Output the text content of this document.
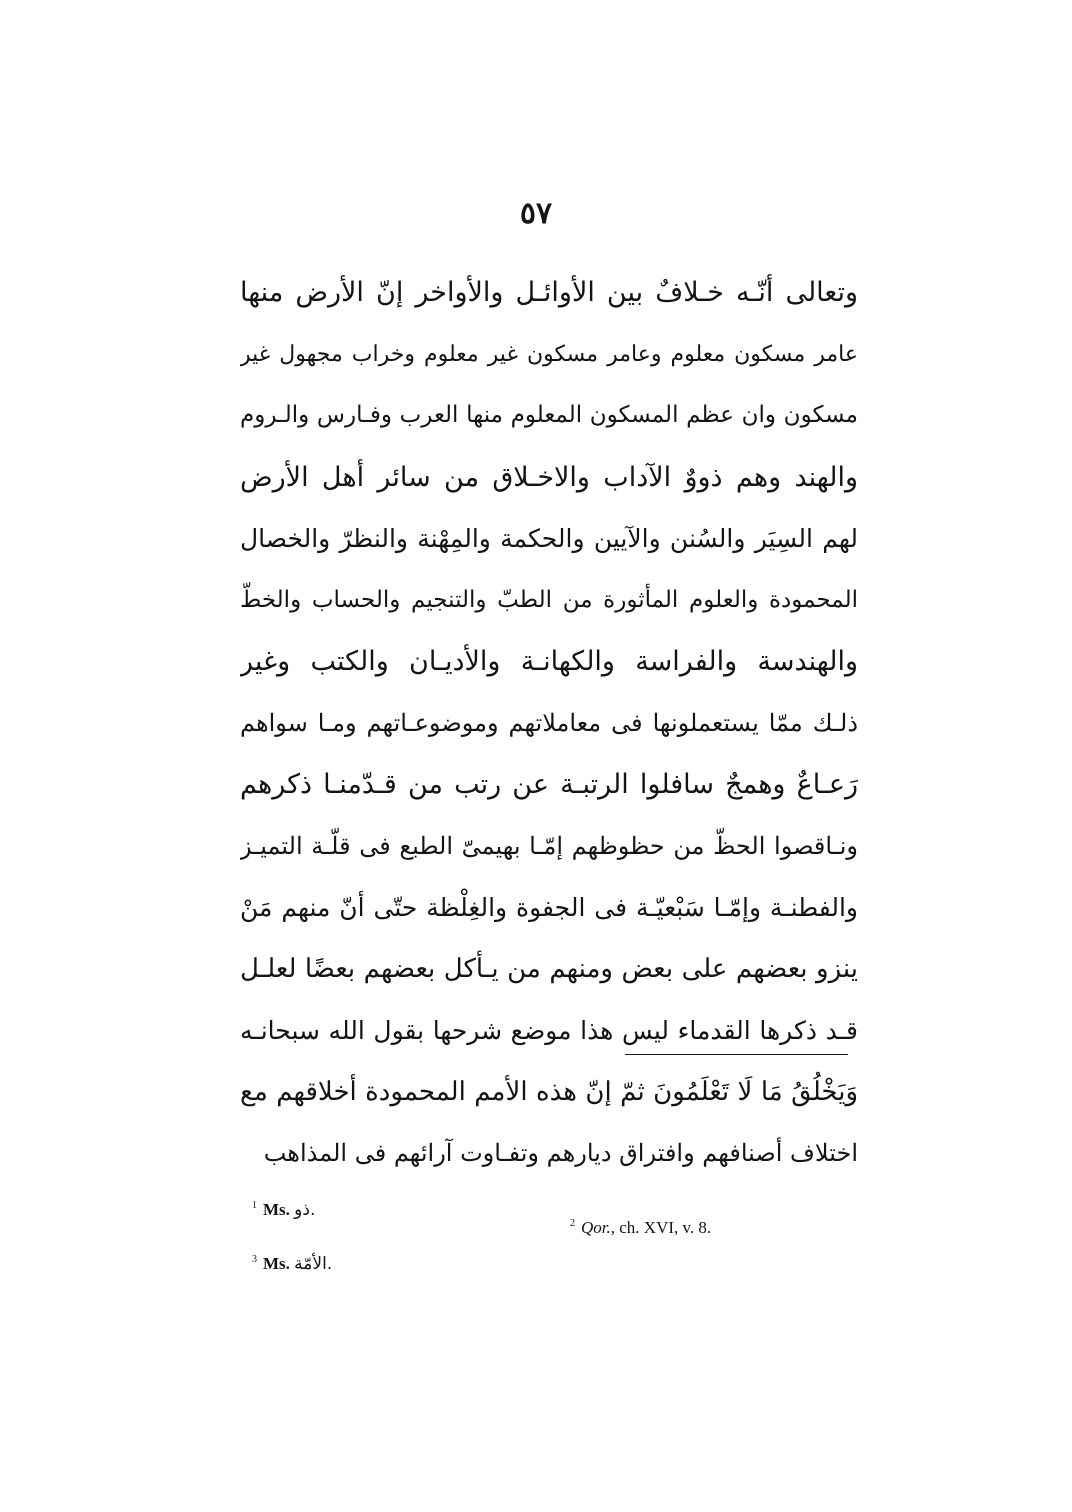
٥٧
وتعالى أنّـه خـلافٌ بين الأوائـل والأواخر إنّ الأرض منها
عامر مسكون معلوم وعامر مسكون غير معلوم وخراب مجهول غير
مسكون وان عظم المسكون المعلوم منها العرب وفـارس والـروم
والهند وهم ذووٌ الآداب والاخـلاق من سائر أهل الأرض
لهم السِيَر والسُنن والآيين والحكمة والمِهْنة والنظرّ والخصال
المحمودة والعلوم المأثورة من الطبّ والتنجيم والحساب والخطّ
والهندسة والفراسة والكهانـة والأديـان والكتب وغير
ذلـك ممّا يستعملونها فى معاملاتهم وموضوعـاتهم ومـا سواهم
رَعـاعٌ وهمجٌ سافلوا الرتبـة عن رتب من قـدّمنـا ذكرهم
ونـاقصوا الحظّ من حظوظهم إمّـا بهيمىّ الطبع فى قلّـة التميـز
والفطنـة وإمّـا سَبْعيّـة فى الجفوة والغِلْظة حتّى أنّ منهم مَنْ
ينزو بعضهم على بعض ومنهم من يـأكل بعضهم بعضًا لعلـل
قـد ذكرها القدماء ليس هذا موضع شرحها بقول الله سبحانـه
وَيَخْلُقُ مَا لَا تَعْلَمُونَ ثمّ إنّ هذه الأمم المحمودة أخلاقهم مع
اختلاف أصنافهم وافتراق ديارهم وتفـاوت آرائهم فى المذاهب
$^1$ Ms. ذو.
$^2$ Qor., ch. XVI, v. 8.
$^3$ Ms. الأمّة.
